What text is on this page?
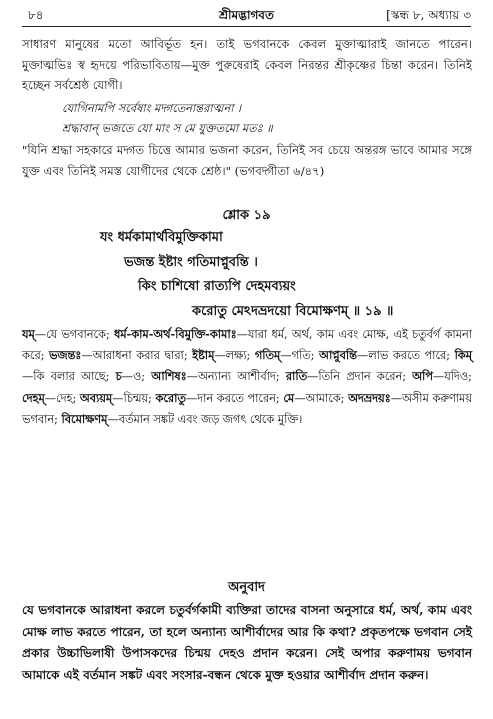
৮৪	শ্রীমদ্ভাগবত	[স্কন্ধ ৮, অধ্যায় ৩
সাধারণ মানুষের মতো আবির্ভূত হন। তাই ভগবানকে কেবল মুক্তাত্মারাই জানতে পারেন। মুক্তাত্মভিঃ স্ব হৃদয়ে পরিভাবিতায়—মুক্ত পুরুষেরাই কেবল নিরন্তর শ্রীকৃষ্ণের চিন্তা করেন। তিনিই হচ্ছেন সর্বশ্রেষ্ঠ যোগী।
যোগিনামপি সর্বেষাং মদ্গতেনান্তরাত্মনা ।
শ্রদ্ধাবান্ ভজতে যো মাং স মে যুক্ততমো মতঃ ॥
"যিনি শ্রদ্ধা সহকারে মদ্গত চিত্তে আমার ভজনা করেন, তিনিই সব চেয়ে অন্তরঙ্গ ভাবে আমার সঙ্গে যুক্ত এবং তিনিই সমস্ত যোগীদের থেকে শ্রেষ্ঠ।" (ভগবদ্গীতা ৬/৪৭)
শ্লোক ১৯
যং ধর্মকামার্থবিমুক্তিকামা
ভজন্ত ইষ্টাং গতিমাপ্নুবন্তি ।
কিং চাশিষো রাত্যপি দেহমব্যয়ং
করোতু মেঽদভ্রদয়ো বিমোক্ষণম্ ॥ ১৯ ॥
যম্—যে ভগবানকে; ধর্ম-কাম-অর্থ-বিমুক্তি-কামাঃ—যারা ধর্ম, অর্থ, কাম এবং মোক্ষ, এই চতুর্বর্গ কামনা করে; ভজন্তঃ—আরাধনা করার দ্বারা; ইষ্টাম্—লক্ষ্য; গতিম্—গতি; আপ্নুবন্তি—লাভ করতে পারে; কিম্—কি বলার আছে; চ—ও; আশিষঃ—অন্যান্য আশীর্বাদ; রাতি—তিনি প্রদান করেন; অপি—যদিও; দেহম্—দেহ; অব্যয়ম্—চিন্ময়; করোতু—দান করতে পারেন; মে—আমাকে; অদভ্রদয়ঃ—অসীম করুণাময় ভগবান; বিমোক্ষণম্—বর্তমান সঙ্কট এবং জড় জগৎ থেকে মুক্তি।
অনুবাদ
যে ভগবানকে আরাধনা করলে চতুর্বর্গকামী ব্যক্তিরা তাদের বাসনা অনুসারে ধর্ম, অর্থ, কাম এবং মোক্ষ লাভ করতে পারেন, তা হলে অন্যান্য আশীর্বাদের আর কি কথা? প্রকৃতপক্ষে ভগবান সেই প্রকার উচ্চাভিলাষী উপাসকদের চিন্ময় দেহও প্রদান করেন। সেই অপার করুণাময় ভগবান আমাকে এই বর্তমান সঙ্কট এবং সংসার-বন্ধন থেকে মুক্ত হওয়ার আশীর্বাদ প্রদান করুন।
